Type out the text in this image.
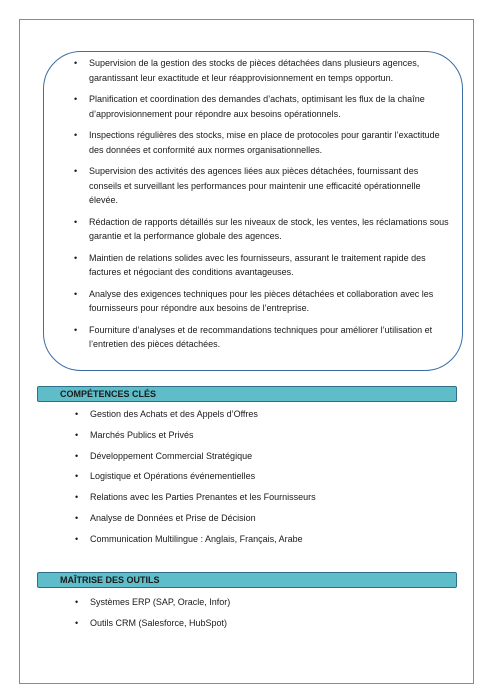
• Supervision de la gestion des stocks de pièces détachées dans plusieurs agences, garantissant leur exactitude et leur réapprovisionnement en temps opportun.
• Planification et coordination des demandes d’achats, optimisant les flux de la chaîne d’approvisionnement pour répondre aux besoins opérationnels.
• Inspections régulières des stocks, mise en place de protocoles pour garantir l’exactitude des données et conformité aux normes organisationnelles.
• Supervision des activités des agences liées aux pièces détachées, fournissant des conseils et surveillant les performances pour maintenir une efficacité opérationnelle élevée.
• Rédaction de rapports détaillés sur les niveaux de stock, les ventes, les réclamations sous garantie et la performance globale des agences.
• Maintien de relations solides avec les fournisseurs, assurant le traitement rapide des factures et négociant des conditions avantageuses.
• Analyse des exigences techniques pour les pièces détachées et collaboration avec les fournisseurs pour répondre aux besoins de l’entreprise.
• Fourniture d’analyses et de recommandations techniques pour améliorer l’utilisation et l’entretien des pièces détachées.
COMPÉTENCES CLÉS
• Gestion des Achats et des Appels d’Offres
• Marchés Publics et Privés
• Développement Commercial Stratégique
• Logistique et Opérations événementielles
• Relations avec les Parties Prenantes et les Fournisseurs
• Analyse de Données et Prise de Décision
• Communication Multilingue : Anglais, Français, Arabe
MAÎTRISE DES OUTILS
• Systèmes ERP (SAP, Oracle, Infor)
• Outils CRM (Salesforce, HubSpot)
